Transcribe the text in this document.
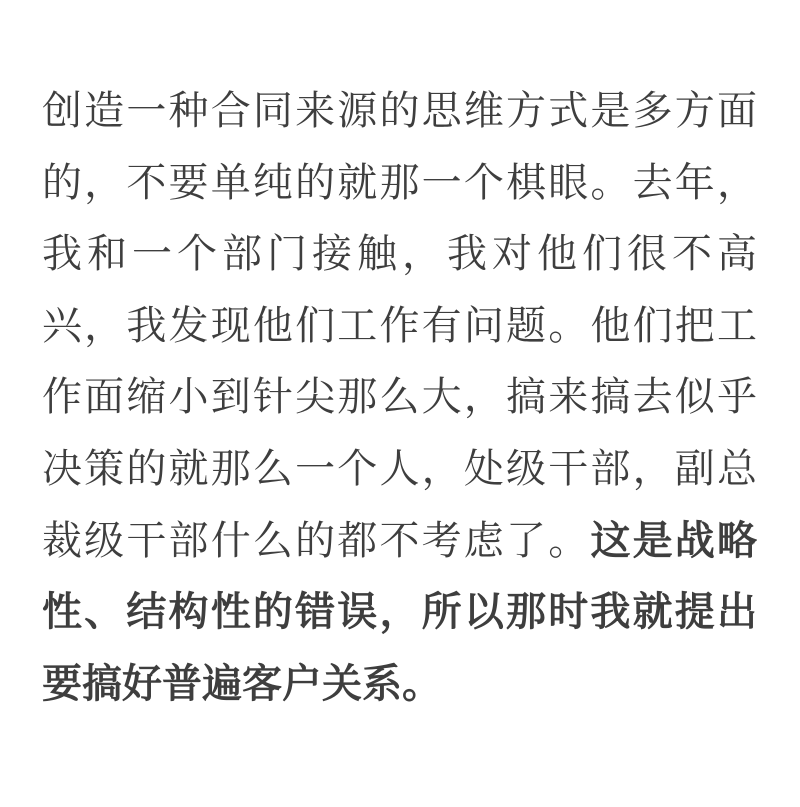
创造一种合同来源的思维方式是多方面
的，不要单纯的就那一个棋眼。去年，
我和一个部门接触，我对他们很不高
兴，我发现他们工作有问题。他们把工
作面缩小到针尖那么大，搞来搞去似乎
决策的就那么一个人，处级干部，副总
裁级干部什么的都不考虑了。这是战略
性、结构性的错误，所以那时我就提出
要搞好普遍客户关系。
